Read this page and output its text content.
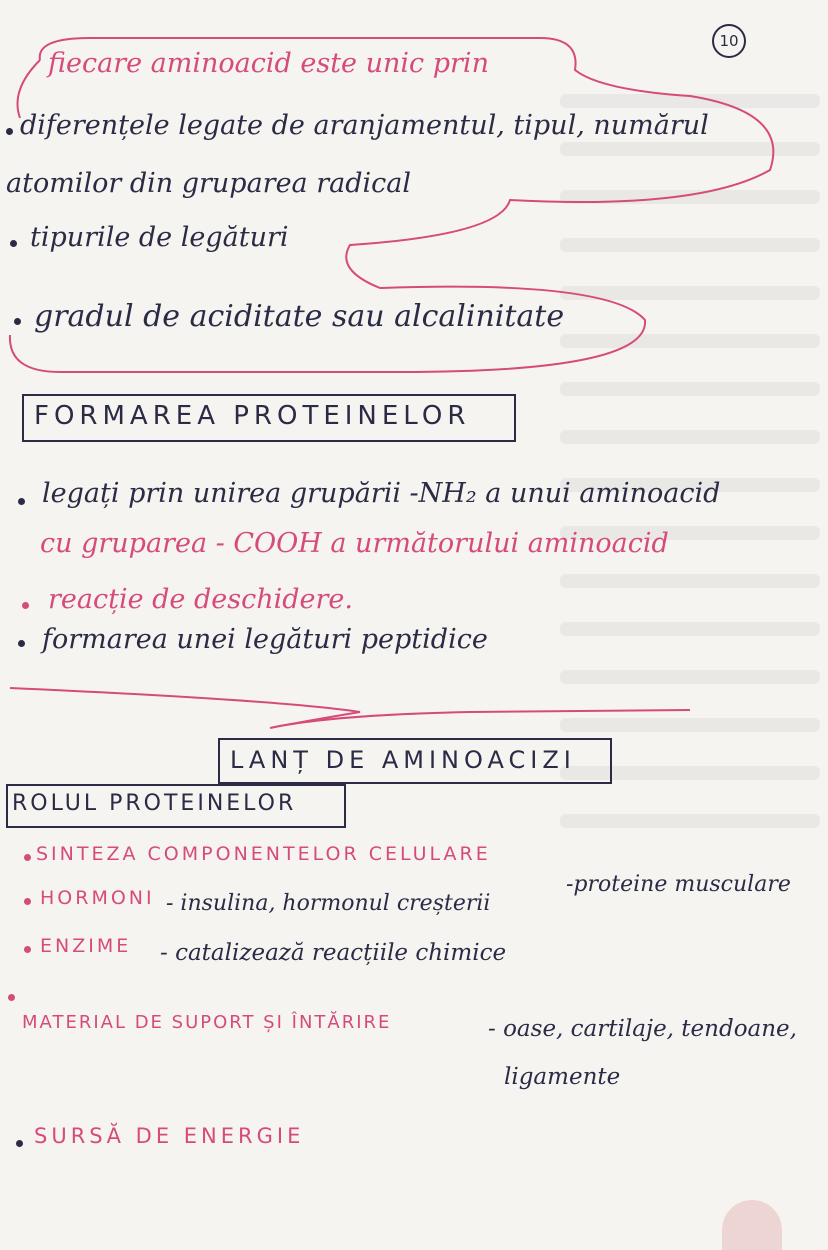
10
fiecare aminoacid este unic prin
diferențele legate de aranjamentul, tipul, numărul
atomilor din gruparea radical
tipurile de legături
gradul de aciditate sau alcalinitate
FORMAREA PROTEINELOR
legați prin unirea grupării -NH₂ a unui aminoacid
cu gruparea - COOH a următorului aminoacid
reacție de deschidere.
formarea unei legături peptidice
LANȚ DE AMINOACIZI
ROLUL PROTEINELOR
SINTEZA COMPONENTELOR CELULARE
-proteine musculare
HORMONI - insulina, hormonul creșterii
ENZIME - catalizează reacțiile chimice
MATERIAL DE SUPORT ȘI ÎNTĂRIRE	- oase, cartilaje, tendoane,
ligamente
SURSĂ DE ENERGIE
